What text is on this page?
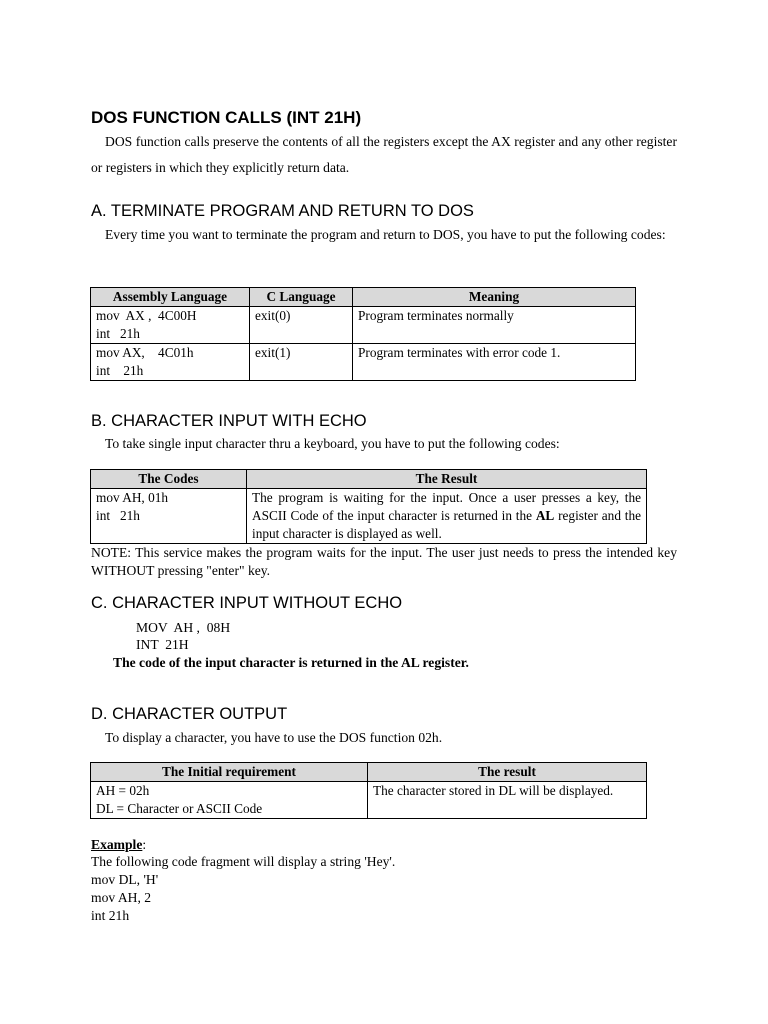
DOS FUNCTION CALLS (INT 21H)
DOS function calls preserve the contents of all the registers except the AX register and any other register or registers in which they explicitly return data.
A. TERMINATE PROGRAM AND RETURN TO DOS
Every time you want to terminate the program and return to DOS, you have to put the following codes:
Assembly Language	C Language	Meaning

mov  AX ,  4C00H
int   21h	exit(0)	Program terminates normally

mov AX,    4C01h
int    21h	exit(1)	Program terminates with error code 1.
B. CHARACTER INPUT WITH ECHO
To take single input character thru a keyboard, you have to put the following codes:
The Codes	The Result

mov AH, 01h
int   21h	The program is waiting for the input. Once a user presses a key, the ASCII Code of the input character is returned in the AL register and the input character is displayed as well.
NOTE: This service makes the program waits for the input. The user just needs to press the intended key WITHOUT pressing "enter" key.
C. CHARACTER INPUT WITHOUT ECHO
MOV  AH ,  08H
INT  21H
The code of the input character is returned in the AL register.
D. CHARACTER OUTPUT
To display a character, you have to use the DOS function 02h.
The Initial requirement	The result

AH = 02h
DL = Character or ASCII Code	The character stored in DL will be displayed.
Example:
The following code fragment will display a string 'Hey'.
mov DL, 'H'
mov AH, 2
int 21h
